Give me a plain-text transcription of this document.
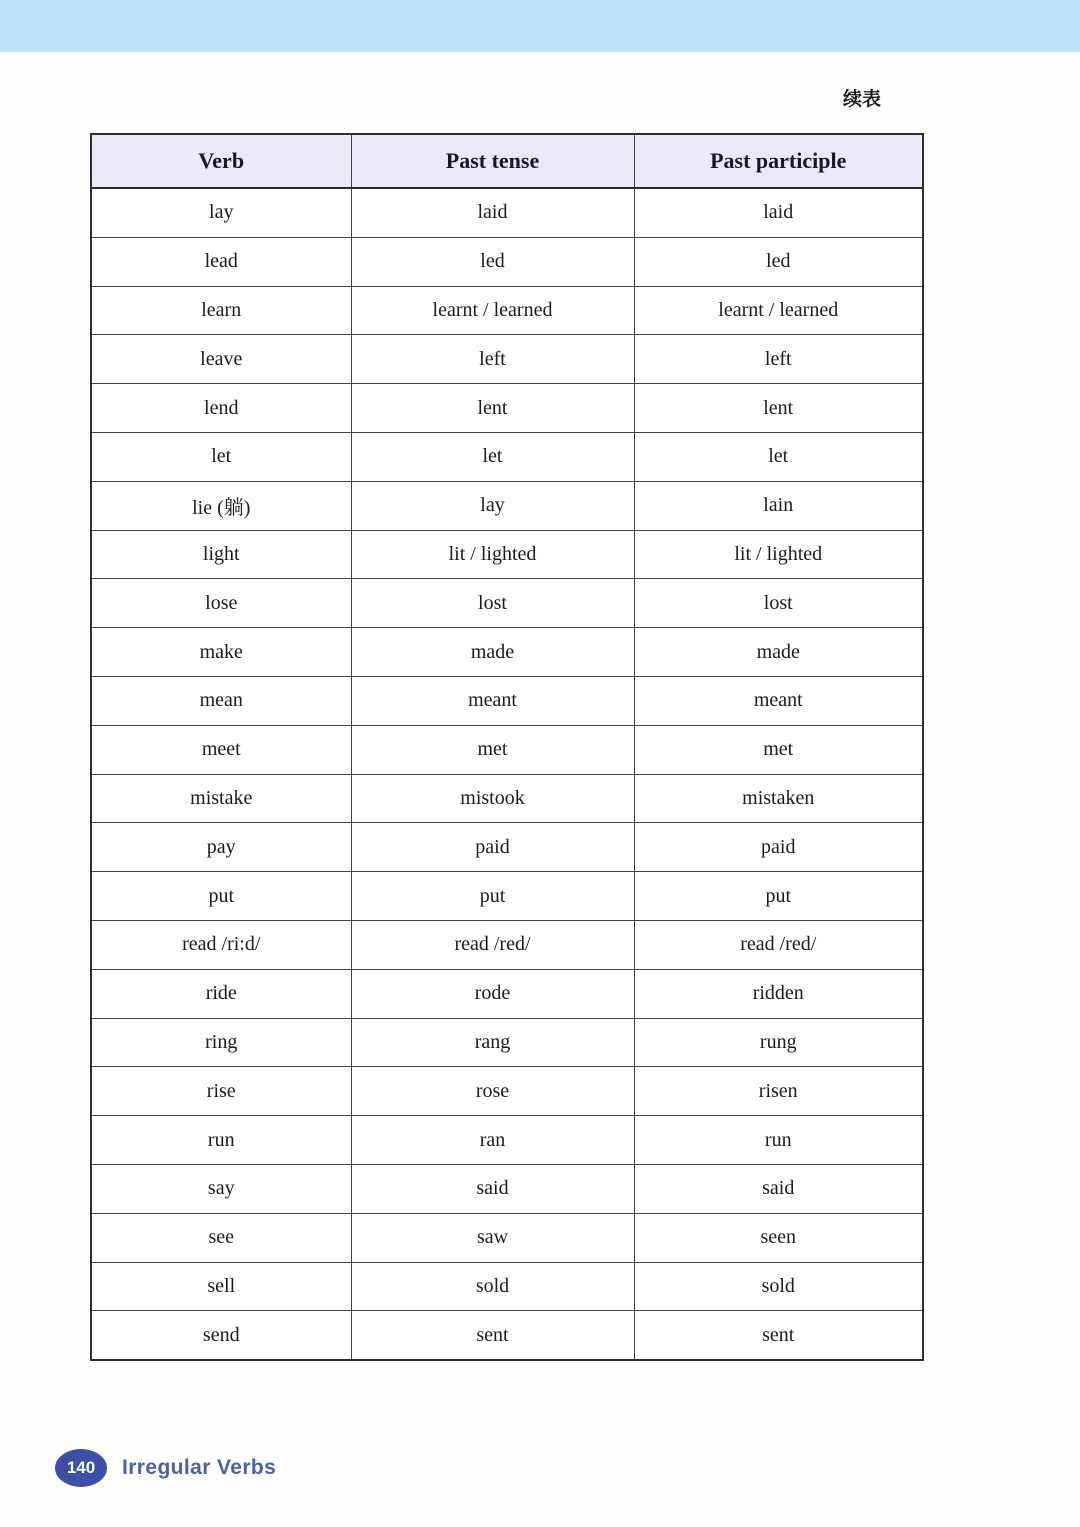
续表
Verb	Past tense	Past participle
lay	laid	laid
lead	led	led
learn	learnt / learned	learnt / learned
leave	left	left
lend	lent	lent
let	let	let
lie (躺)	lay	lain
light	lit / lighted	lit / lighted
lose	lost	lost
make	made	made
mean	meant	meant
meet	met	met
mistake	mistook	mistaken
pay	paid	paid
put	put	put
read /ri:d/	read /red/	read /red/
ride	rode	ridden
ring	rang	rung
rise	rose	risen
run	ran	run
say	said	said
see	saw	seen
sell	sold	sold
send	sent	sent
140 Irregular Verbs
